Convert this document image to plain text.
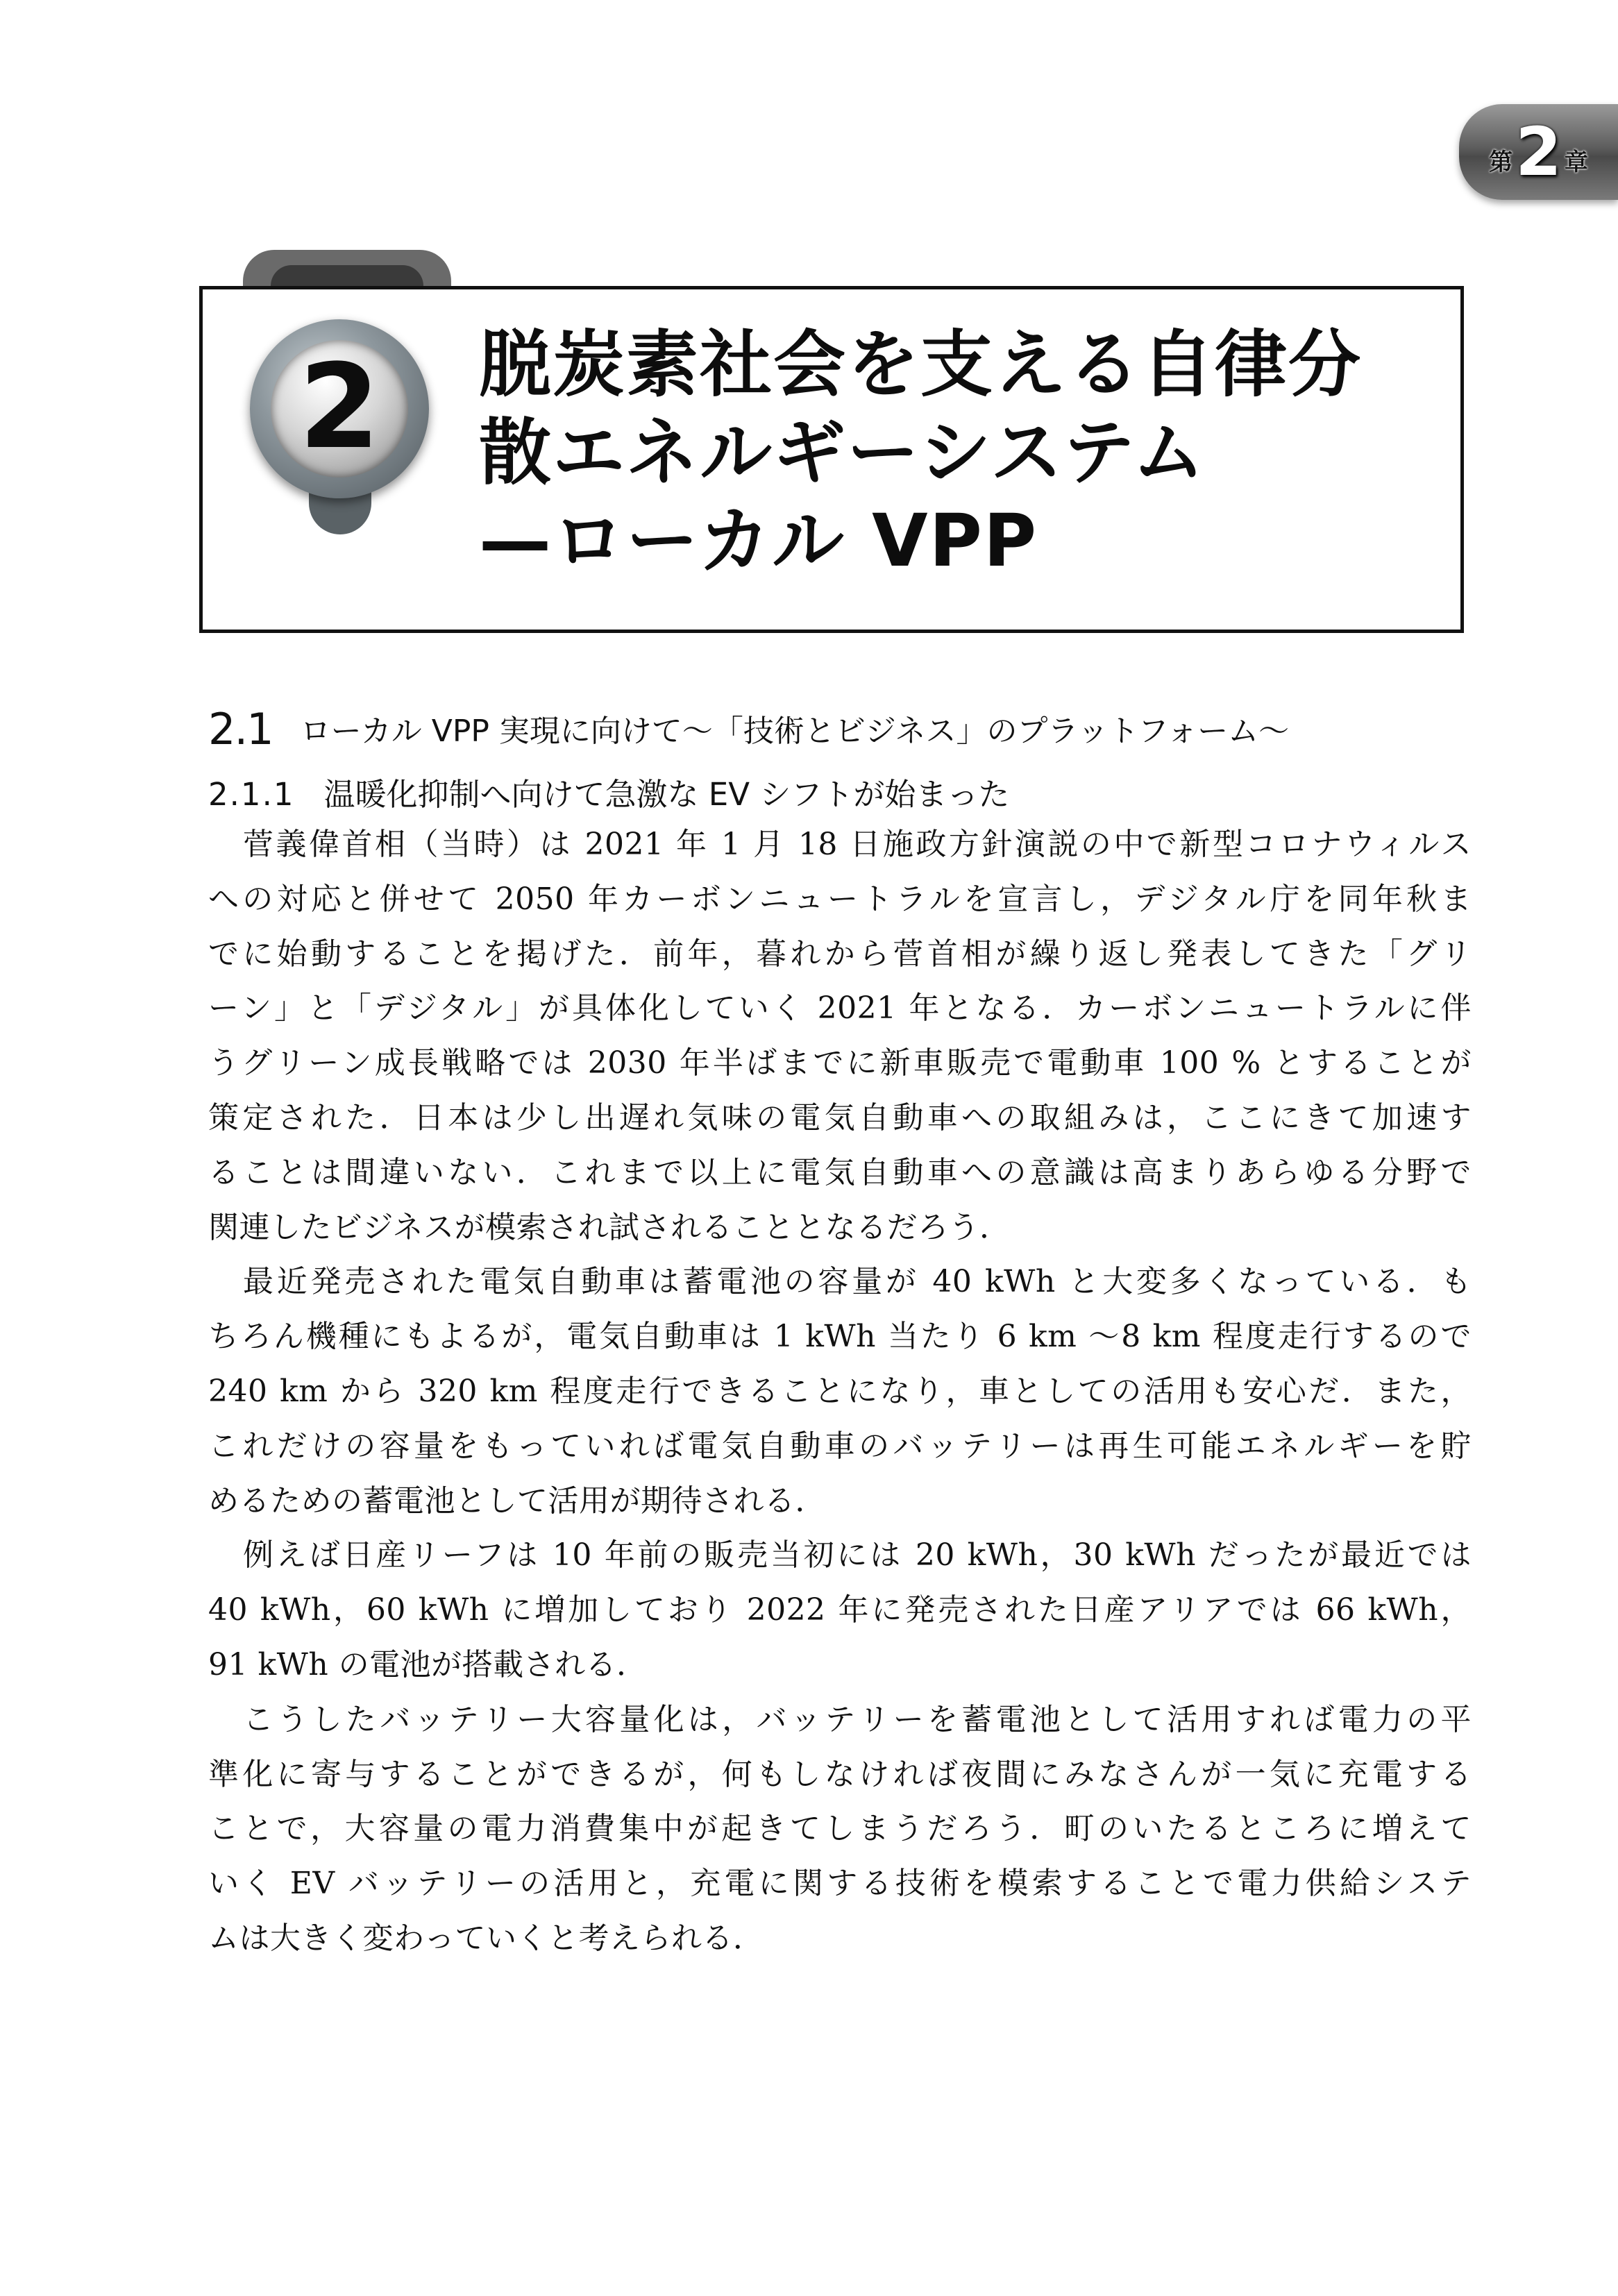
第 2 章
2 脱炭素社会を支える自律分
散エネルギーシステム
—ローカル VPP
2.1 ローカル VPP 実現に向けて〜「技術とビジネス」のプラットフォーム〜
2.1.1 温暖化抑制へ向けて急激な EV シフトが始まった
菅義偉首相（当時）は 2021 年 1 月 18 日施政方針演説の中で新型コロナウィルス
への対応と併せて 2050 年カーボンニュートラルを宣言し，デジタル庁を同年秋ま
でに始動することを掲げた．前年，暮れから菅首相が繰り返し発表してきた「グリ
ーン」と「デジタル」が具体化していく 2021 年となる．カーボンニュートラルに伴
うグリーン成長戦略では 2030 年半ばまでに新車販売で電動車 100 % とすることが
策定された．日本は少し出遅れ気味の電気自動車への取組みは，ここにきて加速す
ることは間違いない．これまで以上に電気自動車への意識は高まりあらゆる分野で
関連したビジネスが模索され試されることとなるだろう．
最近発売された電気自動車は蓄電池の容量が 40 kWh と大変多くなっている．も
ちろん機種にもよるが，電気自動車は 1 kWh 当たり 6 km 〜8 km 程度走行するので
240 km から 320 km 程度走行できることになり，車としての活用も安心だ．また，
これだけの容量をもっていれば電気自動車のバッテリーは再生可能エネルギーを貯
めるための蓄電池として活用が期待される．
例えば日産リーフは 10 年前の販売当初には 20 kWh，30 kWh だったが最近では
40 kWh，60 kWh に増加しており 2022 年に発売された日産アリアでは 66 kWh，
91 kWh の電池が搭載される．
こうしたバッテリー大容量化は，バッテリーを蓄電池として活用すれば電力の平
準化に寄与することができるが，何もしなければ夜間にみなさんが一気に充電する
ことで，大容量の電力消費集中が起きてしまうだろう．町のいたるところに増えて
いく EV バッテリーの活用と，充電に関する技術を模索することで電力供給システ
ムは大きく変わっていくと考えられる．
